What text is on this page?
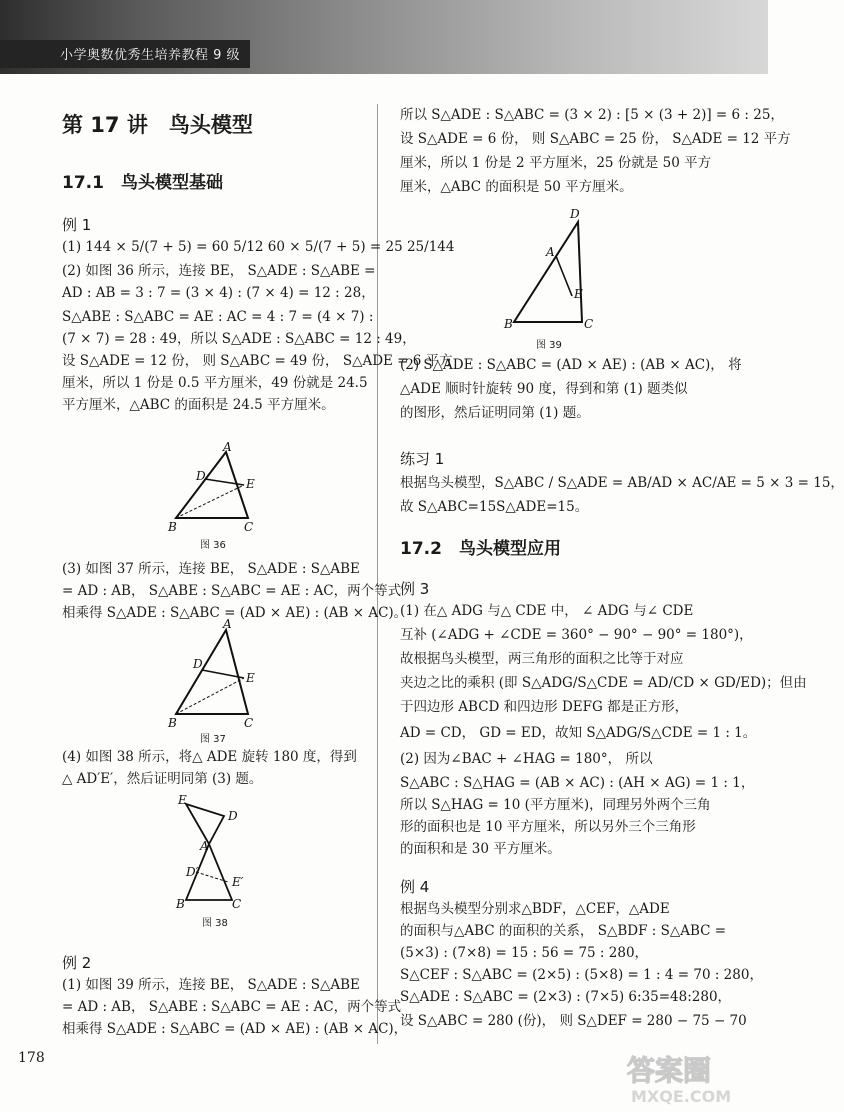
小学奥数优秀生培养教程 9 级
第 17 讲　鸟头模型
17.1　鸟头模型基础
例 1
(1) 144 × 5/(7 + 5) = 60 5/12 60 × 5/(7 + 5) = 25 25/144
(2) 如图 36 所示，连接 BE， S△ADE : S△ABE =
AD : AB = 3 : 7 = (3 × 4) : (7 × 4) = 12 : 28，
S△ABE : S△ABC = AE : AC = 4 : 7 = (4 × 7) :
(7 × 7) = 28 : 49，所以 S△ADE : S△ABC = 12 : 49，
设 S△ADE = 12 份， 则 S△ABC = 49 份， S△ADE = 6 平方
厘米，所以 1 份是 0.5 平方厘米，49 份就是 24.5
平方厘米，△ABC 的面积是 24.5 平方厘米。
A
D
E
B	C
图 36
(3) 如图 37 所示，连接 BE， S△ADE : S△ABE
= AD : AB， S△ABE : S△ABC = AE : AC，两个等式
相乘得 S△ADE : S△ABC = (AD × AE) : (AB × AC)。
A
D
E
B	C
图 37
(4) 如图 38 所示，将△ ADE 旋转 180 度，得到
△ AD′E′，然后证明同第 (3) 题。
E
D
A
D′
E′
B	C
图 38
例 2
(1) 如图 39 所示，连接 BE， S△ADE : S△ABE
= AD : AB， S△ABE : S△ABC = AE : AC，两个等式
相乘得 S△ADE : S△ABC = (AD × AE) : (AB × AC)，
所以 S△ADE : S△ABC = (3 × 2) : [5 × (3 + 2)] = 6 : 25，
设 S△ADE = 6 份， 则 S△ABC = 25 份， S△ADE = 12 平方
厘米，所以 1 份是 2 平方厘米，25 份就是 50 平方
厘米，△ABC 的面积是 50 平方厘米。
D
A
E
B	C
图 39
(2) S△ADE : S△ABC = (AD × AE) : (AB × AC)， 将
△ADE 顺时针旋转 90 度，得到和第 (1) 题类似
的图形，然后证明同第 (1) 题。
练习 1
根据鸟头模型，S△ABC / S△ADE = AB/AD × AC/AE = 5 × 3 = 15，
故 S△ABC=15S△ADE=15。
17.2　鸟头模型应用
例 3
(1) 在△ ADG 与△ CDE 中， ∠ ADG 与∠ CDE
互补 (∠ADG + ∠CDE = 360° − 90° − 90° = 180°)，
故根据鸟头模型，两三角形的面积之比等于对应
夹边之比的乘积 (即 S△ADG/S△CDE = AD/CD × GD/ED)；但由
于四边形 ABCD 和四边形 DEFG 都是正方形，
AD = CD， GD = ED，故知 S△ADG/S△CDE = 1 : 1。
(2) 因为∠BAC + ∠HAG = 180°， 所以
S△ABC : S△HAG = (AB × AC) : (AH × AG) = 1 : 1，
所以 S△HAG = 10 (平方厘米)，同理另外两个三角
形的面积也是 10 平方厘米，所以另外三个三角形
的面积和是 30 平方厘米。
例 4
根据鸟头模型分别求△BDF，△CEF，△ADE
的面积与△ABC 的面积的关系， S△BDF : S△ABC =
(5×3) : (7×8) = 15 : 56 = 75 : 280，
S△CEF : S△ABC = (2×5) : (5×8) = 1 : 4 = 70 : 280，
S△ADE : S△ABC = (2×3) : (7×5) 6:35=48:280，
设 S△ABC = 280 (份)， 则 S△DEF = 280 − 75 − 70
178	答案圈
MXQE.COM
